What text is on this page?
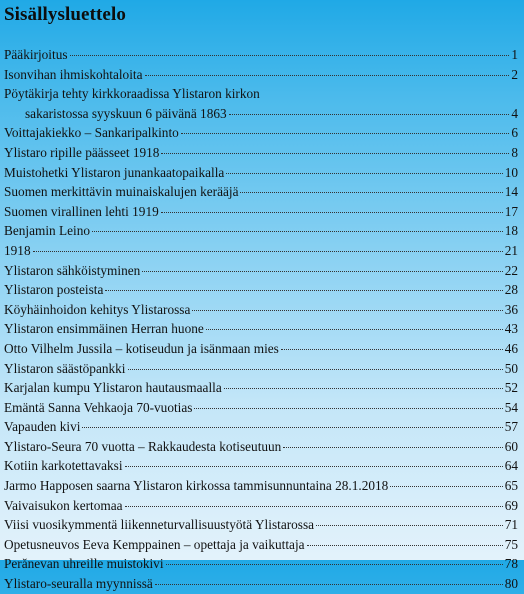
Sisällysluettelo
Pääkirjoitus	1
Isonvihan ihmiskohtaloita	2
Pöytäkirja tehty kirkkoraadissa Ylistaron kirkon
sakaristossa syyskuun 6 päivänä 1863	4
Voittajakiekko – Sankaripalkinto	6
Ylistaro ripille päässeet 1918	8
Muistohetki Ylistaron junankaatopaikalla	10
Suomen merkittävin muinaiskalujen kerääjä	14
Suomen virallinen lehti 1919	17
Benjamin Leino	18
1918	21
Ylistaron sähköistyminen	22
Ylistaron posteista	28
Köyhäinhoidon kehitys Ylistarossa	36
Ylistaron ensimmäinen Herran huone	43
Otto Vilhelm Jussila – kotiseudun ja isänmaan mies	46
Ylistaron säästöpankki	50
Karjalan kumpu Ylistaron hautausmaalla	52
Emäntä Sanna Vehkaoja 70-vuotias	54
Vapauden kivi	57
Ylistaro-Seura 70 vuotta – Rakkaudesta kotiseutuun	60
Kotiin karkotettavaksi	64
Jarmo Happosen saarna Ylistaron kirkossa tammisunnuntaina 28.1.2018	65
Vaivaisukon kertomaa	69
Viisi vuosikymmentä liikenneturvallisuustyötä Ylistarossa	71
Opetusneuvos Eeva Kemppainen – opettaja ja vaikuttaja	75
Perănevan uhreille muistokivi	78
Ylistaro-seuralla myynnissä	80
